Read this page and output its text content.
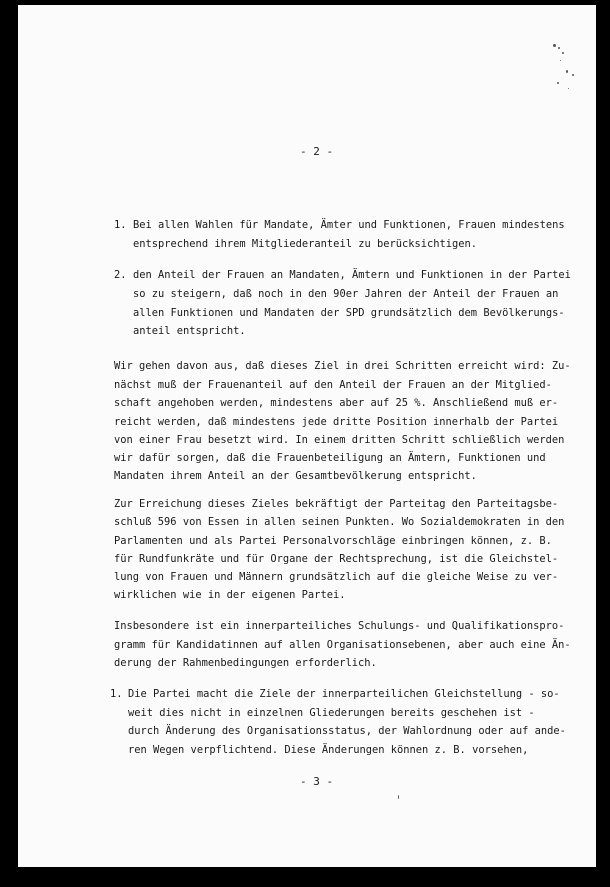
- 2 -
1. Bei allen Wahlen für Mandate, Ämter und Funktionen, Frauen mindestens
entsprechend ihrem Mitgliederanteil zu berücksichtigen.
2. den Anteil der Frauen an Mandaten, Ämtern und Funktionen in der Partei
so zu steigern, daß noch in den 90er Jahren der Anteil der Frauen an
allen Funktionen und Mandaten der SPD grundsätzlich dem Bevölkerungs-
anteil entspricht.
Wir gehen davon aus, daß dieses Ziel in drei Schritten erreicht wird: Zu-
nächst muß der Frauenanteil auf den Anteil der Frauen an der Mitglied-
schaft angehoben werden, mindestens aber auf 25 %. Anschließend muß er-
reicht werden, daß mindestens jede dritte Position innerhalb der Partei
von einer Frau besetzt wird. In einem dritten Schritt schließlich werden
wir dafür sorgen, daß die Frauenbeteiligung an Ämtern, Funktionen und
Mandaten ihrem Anteil an der Gesamtbevölkerung entspricht.
Zur Erreichung dieses Zieles bekräftigt der Parteitag den Parteitagsbe-
schluß 596 von Essen in allen seinen Punkten. Wo Sozialdemokraten in den
Parlamenten und als Partei Personalvorschläge einbringen können, z. B.
für Rundfunkräte und für Organe der Rechtsprechung, ist die Gleichstel-
lung von Frauen und Männern grundsätzlich auf die gleiche Weise zu ver-
wirklichen wie in der eigenen Partei.
Insbesondere ist ein innerparteiliches Schulungs- und Qualifikationspro-
gramm für Kandidatinnen auf allen Organisationsebenen, aber auch eine Än-
derung der Rahmenbedingungen erforderlich.
1. Die Partei macht die Ziele der innerparteilichen Gleichstellung - so-
weit dies nicht in einzelnen Gliederungen bereits geschehen ist -
durch Änderung des Organisationsstatus, der Wahlordnung oder auf ande-
ren Wegen verpflichtend. Diese Änderungen können z. B. vorsehen,
- 3 -
